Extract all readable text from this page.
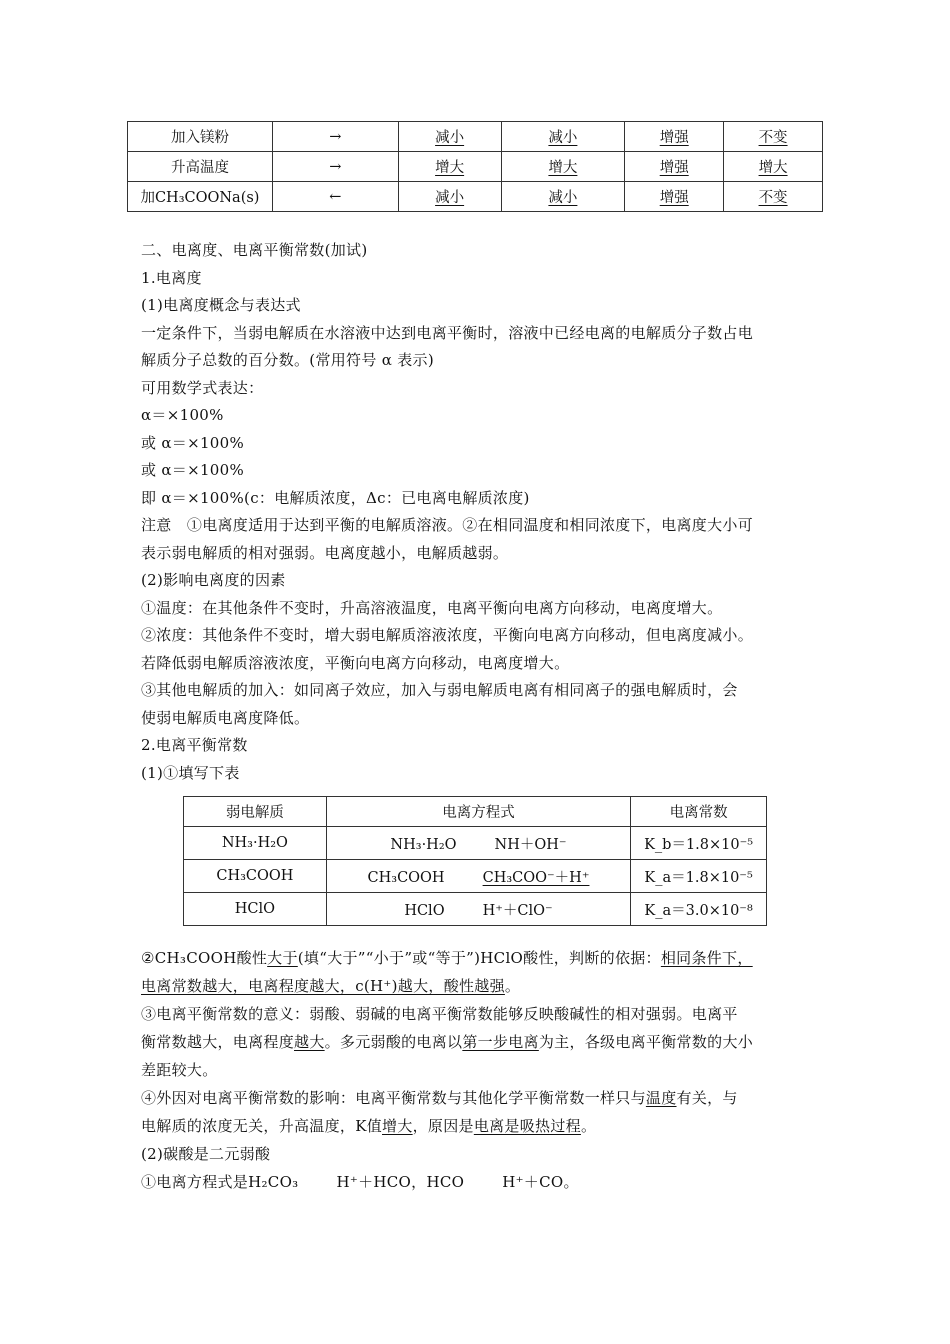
加入镁粉	→	减小	减小	增强	不变
升高温度	→	增大	增大	增强	增大
加CH₃COONa(s)	←	减小	减小	增强	不变
二、电离度、电离平衡常数(加试)
1.电离度
(1)电离度概念与表达式
一定条件下，当弱电解质在水溶液中达到电离平衡时，溶液中已经电离的电解质分子数占电
解质分子总数的百分数。(常用符号 α 表示)
可用数学式表达：
α＝×100%
或 α＝×100%
或 α＝×100%
即 α＝×100%(c：电解质浓度，Δc：已电离电解质浓度)
注意　①电离度适用于达到平衡的电解质溶液。②在相同温度和相同浓度下，电离度大小可
表示弱电解质的相对强弱。电离度越小，电解质越弱。
(2)影响电离度的因素
①温度：在其他条件不变时，升高溶液温度，电离平衡向电离方向移动，电离度增大。
②浓度：其他条件不变时，增大弱电解质溶液浓度，平衡向电离方向移动，但电离度减小。
若降低弱电解质溶液浓度，平衡向电离方向移动，电离度增大。
③其他电解质的加入：如同离子效应，加入与弱电解质电离有相同离子的强电解质时，会
使弱电解质电离度降低。
2.电离平衡常数
(1)①填写下表
弱电解质	电离方程式	电离常数
NH₃·H₂O	NH₃·H₂O NH＋OH⁻	K_b＝1.8×10⁻⁵
CH₃COOH	CH₃COOH CH₃COO⁻＋H⁺	K_a＝1.8×10⁻⁵
HClO	HClO H⁺＋ClO⁻	K_a＝3.0×10⁻⁸
②CH₃COOH酸性大于(填“大于”“小于”或“等于”)HClO酸性，判断的依据：相同条件下，
电离常数越大，电离程度越大，c(H⁺)越大，酸性越强。
③电离平衡常数的意义：弱酸、弱碱的电离平衡常数能够反映酸碱性的相对强弱。电离平
衡常数越大，电离程度越大。多元弱酸的电离以第一步电离为主，各级电离平衡常数的大小
差距较大。
④外因对电离平衡常数的影响：电离平衡常数与其他化学平衡常数一样只与温度有关，与
电解质的浓度无关，升高温度，K值增大，原因是电离是吸热过程。
(2)碳酸是二元弱酸
①电离方程式是H₂CO₃	H⁺＋HCO，HCO	H⁺＋CO。
